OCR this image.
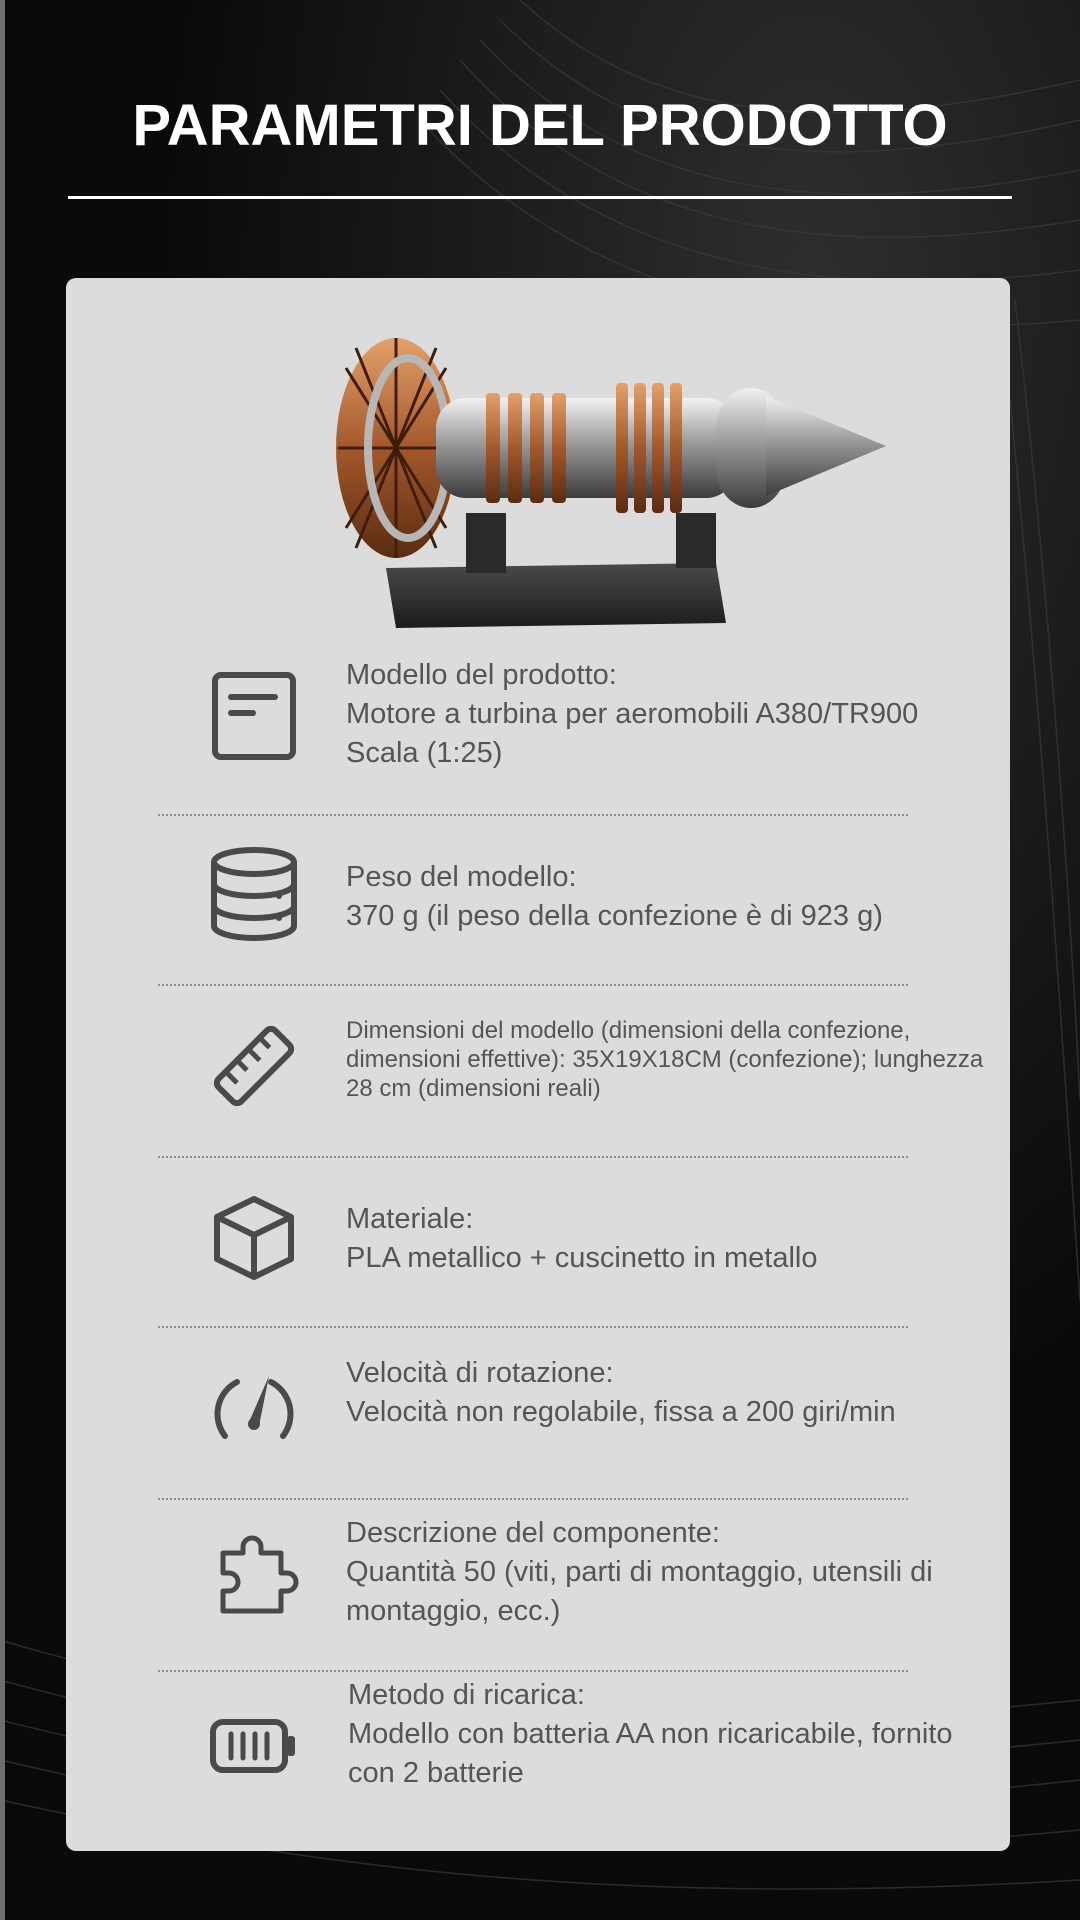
PARAMETRI DEL PRODOTTO
Modello del prodotto:
Motore a turbina per aeromobili A380/TR900 Scala (1:25)
Peso del modello:
370 g (il peso della confezione è di 923 g)
Dimensioni del modello (dimensioni della confezione, dimensioni effettive): 35X19X18CM (confezione); lunghezza 28 cm (dimensioni reali)
Materiale:
PLA metallico + cuscinetto in metallo
Velocità di rotazione:
Velocità non regolabile, fissa a 200 giri/min
Descrizione del componente:
Quantità 50 (viti, parti di montaggio, utensili di montaggio, ecc.)
Metodo di ricarica:
Modello con batteria AA non ricaricabile, fornito con 2 batterie
